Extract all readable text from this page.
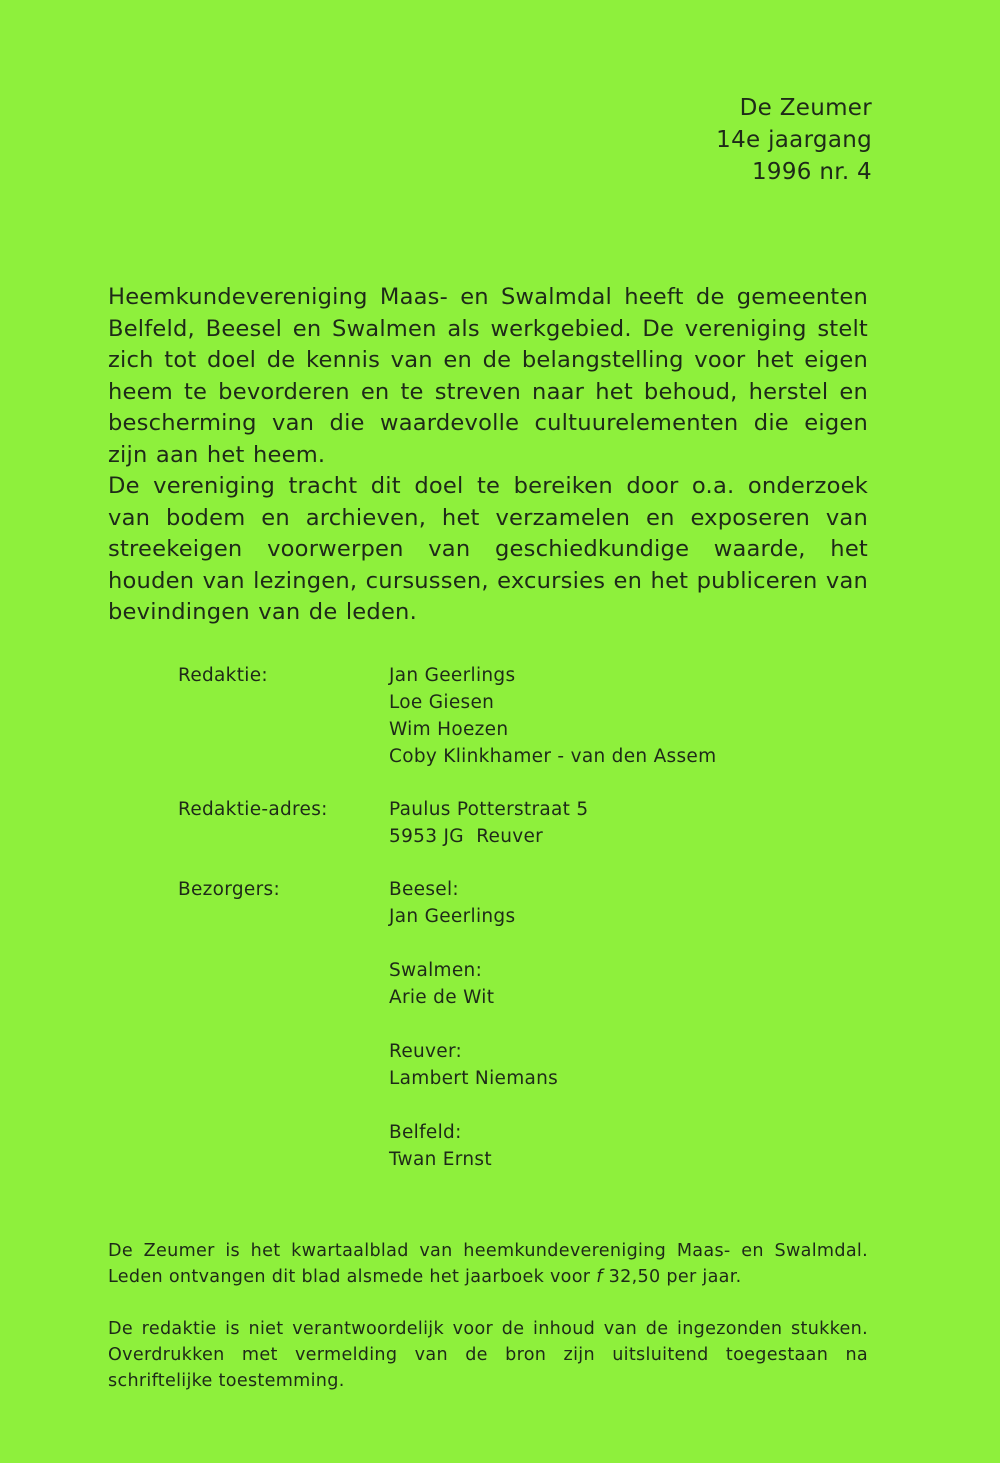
De Zeumer
14e jaargang
1996 nr. 4

Heemkundevereniging Maas- en Swalmdal heeft de gemeenten Belfeld, Beesel en Swalmen als werkgebied. De vereniging stelt zich tot doel de kennis van en de belangstelling voor het eigen heem te bevorderen en te streven naar het behoud, herstel en bescherming van die waardevolle cultuurelementen die eigen zijn aan het heem.

De vereniging tracht dit doel te bereiken door o.a. onderzoek van bodem en archieven, het verzamelen en exposeren van streekeigen voorwerpen van geschiedkundige waarde, het houden van lezingen, cursussen, excursies en het publiceren van bevindingen van de leden.

Redaktie:	Jan Geerlings
Loe Giesen
Wim Hoezen
Coby Klinkhamer - van den Assem
Redaktie-adres:	Paulus Potterstraat 5
5953 JG  Reuver
Bezorgers:	Beesel:
Jan Geerlings
Swalmen:
Arie de Wit
Reuver:
Lambert Niemans
Belfeld:
Twan Ernst

De Zeumer is het kwartaalblad van heemkundevereniging Maas- en Swalmdal. Leden ontvangen dit blad alsmede het jaarboek voor f 32,50 per jaar.

De redaktie is niet verantwoordelijk voor de inhoud van de ingezonden stukken. Overdrukken met vermelding van de bron zijn uitsluitend toegestaan na schriftelijke toestemming.
